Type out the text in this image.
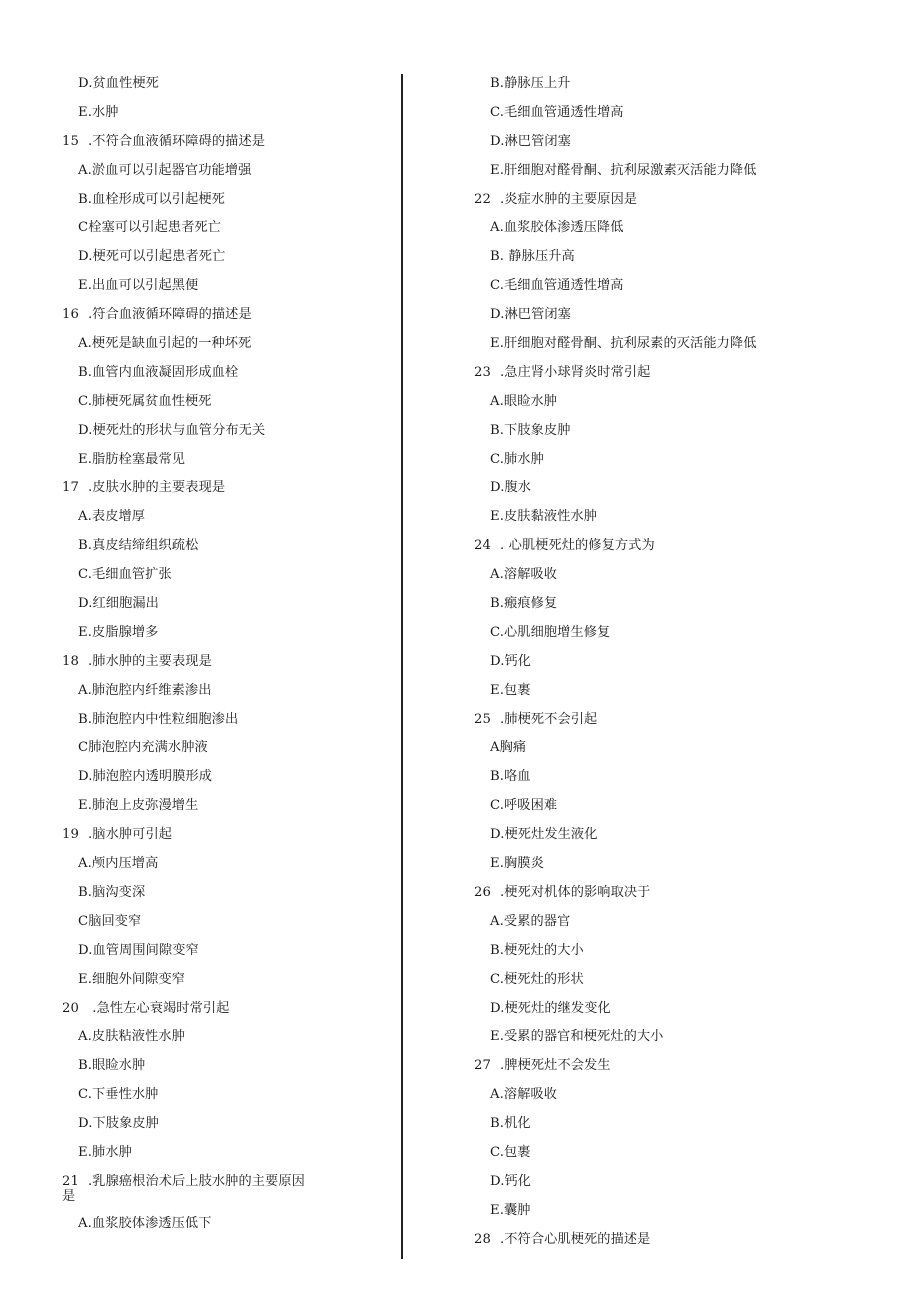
D.贫血性梗死
E.水肿
15 .不符合血液循环障碍的描述是
A.淤血可以引起器官功能增强
B.血栓形成可以引起梗死
C栓塞可以引起患者死亡
D.梗死可以引起患者死亡
E.出血可以引起黑便
16 .符合血液循环障碍的描述是
A.梗死是缺血引起的一种坏死
B.血管内血液凝固形成血栓
C.肺梗死属贫血性梗死
D.梗死灶的形状与血管分布无关
E.脂肪栓塞最常见
17 .皮肤水肿的主要表现是
A.表皮增厚
B.真皮结缔组织疏松
C.毛细血管扩张
D.红细胞漏出
E.皮脂腺增多
18 .肺水肿的主要表现是
A.肺泡腔内纤维素渗出
B.肺泡腔内中性粒细胞渗出
C肺泡腔内充满水肿液
D.肺泡腔内透明膜形成
E.肺泡上皮弥漫增生
19 .脑水肿可引起
A.颅内压增高
B.脑沟变深
C脑回变窄
D.血管周围间隙变窄
E.细胞外间隙变窄
20 .急性左心衰竭时常引起
A.皮肤粘液性水肿
B.眼睑水肿
C.下垂性水肿
D.下肢象皮肿
E.肺水肿
21 .乳腺癌根治术后上肢水肿的主要原因
是
A.血浆胶体渗透压低下
B.静脉压上升
C.毛细血管通透性增高
D.淋巴管闭塞
E.肝细胞对醛骨酮、抗利尿激素灭活能力降低
22 .炎症水肿的主要原因是
A.血浆胶体渗透压降低
B. 静脉压升高
C.毛细血管通透性增高
D.淋巴管闭塞
E.肝细胞对醛骨酮、抗利尿素的灭活能力降低
23 .急庄肾小球肾炎时常引起
A.眼睑水肿
B.下肢象皮肿
C.肺水肿
D.腹水
E.皮肤黏液性水肿
24 . 心肌梗死灶的修复方式为
A.溶解吸收
B.瘢痕修复
C.心肌细胞增生修复
D.钙化
E.包裹
25 .肺梗死不会引起
A胸痛
B.咯血
C.呼吸困难
D.梗死灶发生液化
E.胸膜炎
26 .梗死对机体的影响取决于
A.受累的器官
B.梗死灶的大小
C.梗死灶的形状
D.梗死灶的继发变化
E.受累的器官和梗死灶的大小
27 .脾梗死灶不会发生
A.溶解吸收
B.机化
C.包裹
D.钙化
E.囊肿
28 .不符合心肌梗死的描述是
